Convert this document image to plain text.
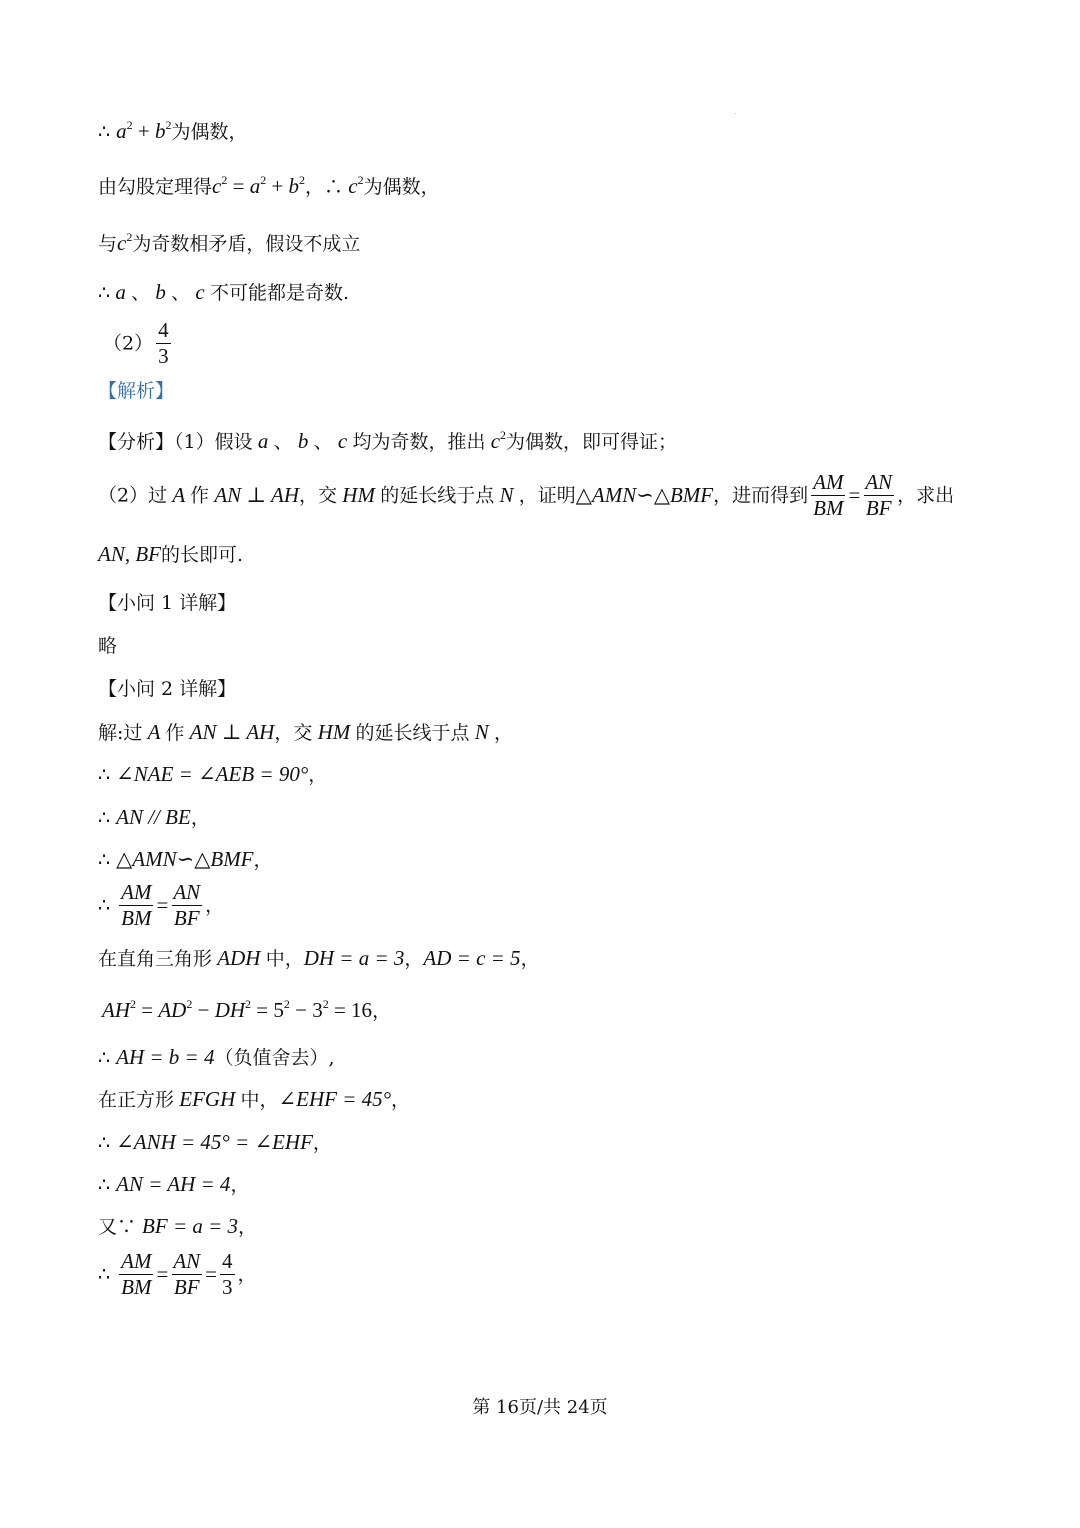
∴ $a^2 + b^2$为偶数，
由勾股定理得$c^2 = a^2 + b^2$，∴ $c^2$为偶数，
与$c^2$为奇数相矛盾，假设不成立
∴ a 、 b 、 c 不可能都是奇数.
$(2) \frac{4}{3}$
【解析】
【分析】（1）假设 a 、 b 、 c 均为奇数，推出 $c^2$为偶数，即可得证；
（2）过 A 作 AN ⊥ AH，交 HM 的延长线于点 N ，证明△AMN∽△BMF，进而得到 $\frac{AM}{BM} = \frac{AN}{BF}$ ，求出
AN, BF的长即可.
【小问 1 详解】
略
【小问 2 详解】
解:过 A 作 AN ⊥ AH，交 HM 的延长线于点 N ，
∴ ∠NAE = ∠AEB = 90°，
∴ AN // BE，
∴ △AMN∽△BMF，
∴ $\frac{AM}{BM} = \frac{AN}{BF}$ ，
在直角三角形 ADH 中，DH = a = 3，AD = c = 5，
$AH^2 = AD^2 - DH^2 = 5^2 - 3^2 = 16$，
∴ AH = b = 4（负值舍去）,
在正方形 EFGH 中，∠EHF = 45°，
∴ ∠ANH = 45° = ∠EHF，
∴ AN = AH = 4，
又∵ BF = a = 3，
∴ $\frac{AM}{BM} = \frac{AN}{BF} = \frac{4}{3}$ ，
第 16页/共 24页
